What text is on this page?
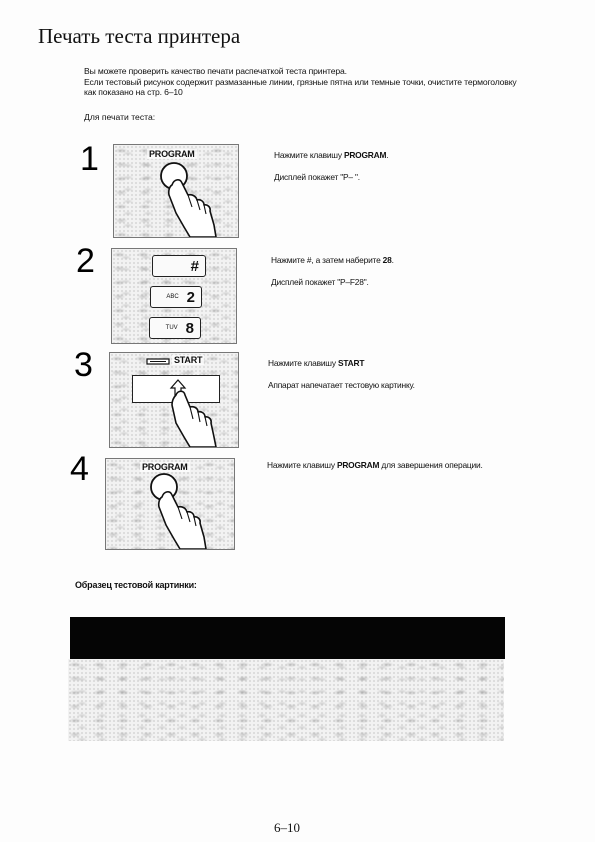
Печать теста принтера

Вы можете проверить качество печати распечаткой теста принтера.

Если тестовый рисунок содержит размазанные линии, грязные пятна или темные точки, очистите термоголовку

как показано на стр. 6–10

Для печати теста:
1	PROGRAM	Нажмите клавишу PROGRAM.

Дисплей покажет "P– ".

2	#
ABC 2
TUV 8

Нажмите #, а затем наберите 28.

Дисплей покажет "P–F28".

3	START	Нажмите клавишу START

Аппарат напечатает тестовую картинку.

4	PROGRAM	Нажмите клавишу PROGRAM для завершения операции.

Образец тестовой картинки:
6–10
